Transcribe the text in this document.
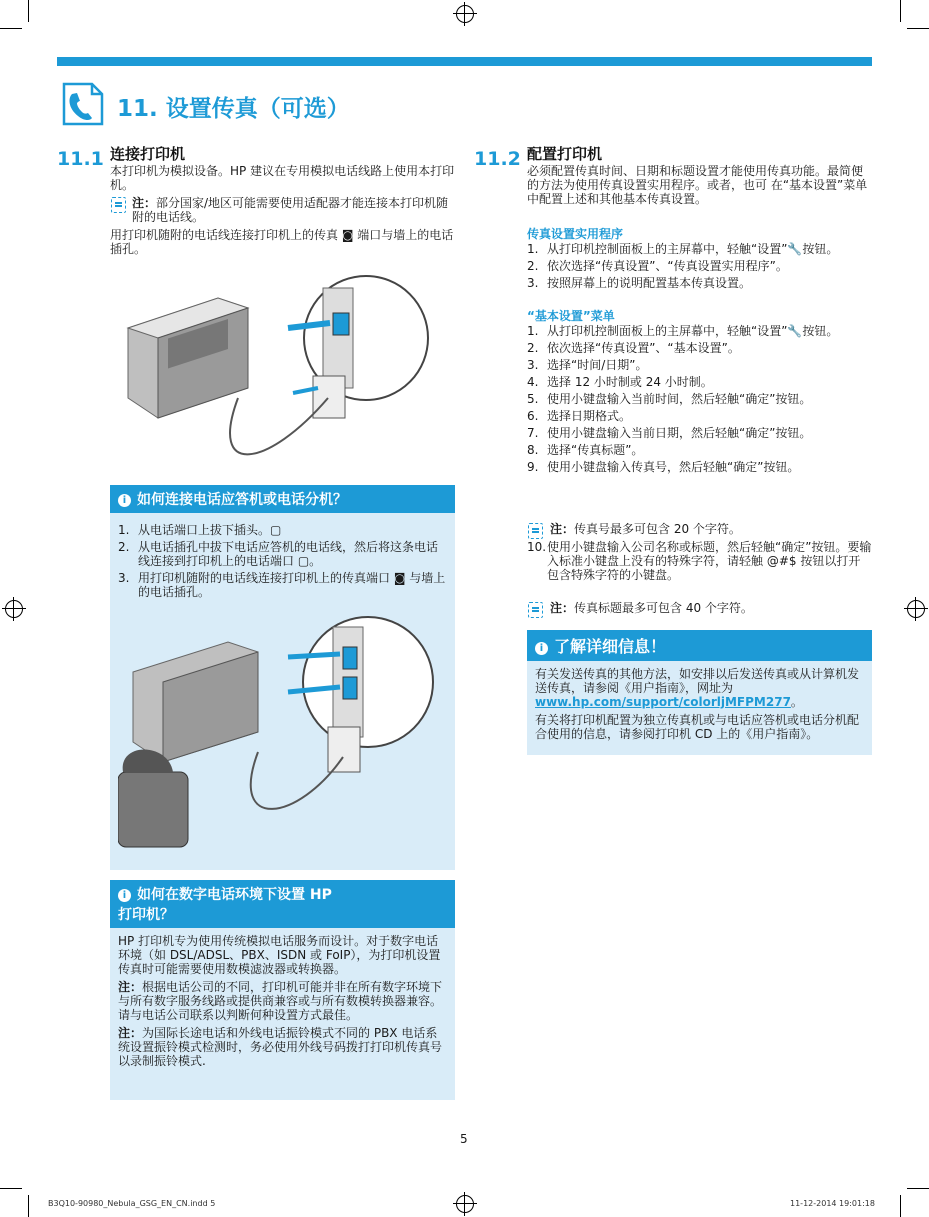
11. 设置传真（可选）
11.1 连接打印机
本打印机为模拟设备。HP 建议在专用模拟电话线路上使用本打印机。
注：部分国家/地区可能需要使用适配器才能连接本打印机随附的电话线。
用打印机随附的电话线连接打印机上的传真 ◙ 端口与墙上的电话插孔。
i 如何连接电话应答机或电话分机？
1. 从电话端口上拔下插头。▢
2. 从电话插孔中拔下电话应答机的电话线，然后将这条电话线连接到打印机上的电话端口 ▢。
3. 用打印机随附的电话线连接打印机上的传真端口 ◙ 与墙上的电话插孔。
i 如何在数字电话环境下设置 HP 打印机？
HP 打印机专为使用传统模拟电话服务而设计。对于数字电话环境（如 DSL/ADSL、PBX、ISDN 或 FoIP），为打印机设置传真时可能需要使用数模滤波器或转换器。
注：根据电话公司的不同，打印机可能并非在所有数字环境下与所有数字服务线路或提供商兼容或与所有数模转换器兼容。请与电话公司联系以判断何种设置方式最佳。
注：为国际长途电话和外线电话振铃模式不同的 PBX 电话系统设置振铃模式检测时，务必使用外线号码拨打打印机传真号以录制振铃模式.
11.2 配置打印机
必须配置传真时间、日期和标题设置才能使用传真功能。最简便的方法为使用传真设置实用程序。或者，也可 在“基本设置”菜单中配置上述和其他基本传真设置。
传真设置实用程序
1. 从打印机控制面板上的主屏幕中，轻触“设置”🔧按钮。
2. 依次选择“传真设置”、“传真设置实用程序”。
3. 按照屏幕上的说明配置基本传真设置。
“基本设置”菜单
1. 从打印机控制面板上的主屏幕中，轻触“设置”🔧按钮。
2. 依次选择“传真设置”、“基本设置”。
3. 选择“时间/日期”。
4. 选择 12 小时制或 24 小时制。
5. 使用小键盘输入当前时间，然后轻触“确定”按钮。
6. 选择日期格式。
7. 使用小键盘输入当前日期，然后轻触“确定”按钮。
8. 选择“传真标题”。
9. 使用小键盘输入传真号，然后轻触“确定”按钮。
注：传真号最多可包含 20 个字符。
10. 使用小键盘输入公司名称或标题，然后轻触“确定”按钮。要输入标准小键盘上没有的特殊字符，请轻触 @#$ 按钮以打开包含特殊字符的小键盘。
注：传真标题最多可包含 40 个字符。
i 了解详细信息！
有关发送传真的其他方法，如安排以后发送传真或从计算机发送传真，请参阅《用户指南》，网址为 www.hp.com/support/colorljMFPM277。
有关将打印机配置为独立传真机或与电话应答机或电话分机配合使用的信息，请参阅打印机 CD 上的《用户指南》。
5
B3Q10-90980_Nebula_GSG_EN_CN.indd 5	11-12-2014 19:01:18
